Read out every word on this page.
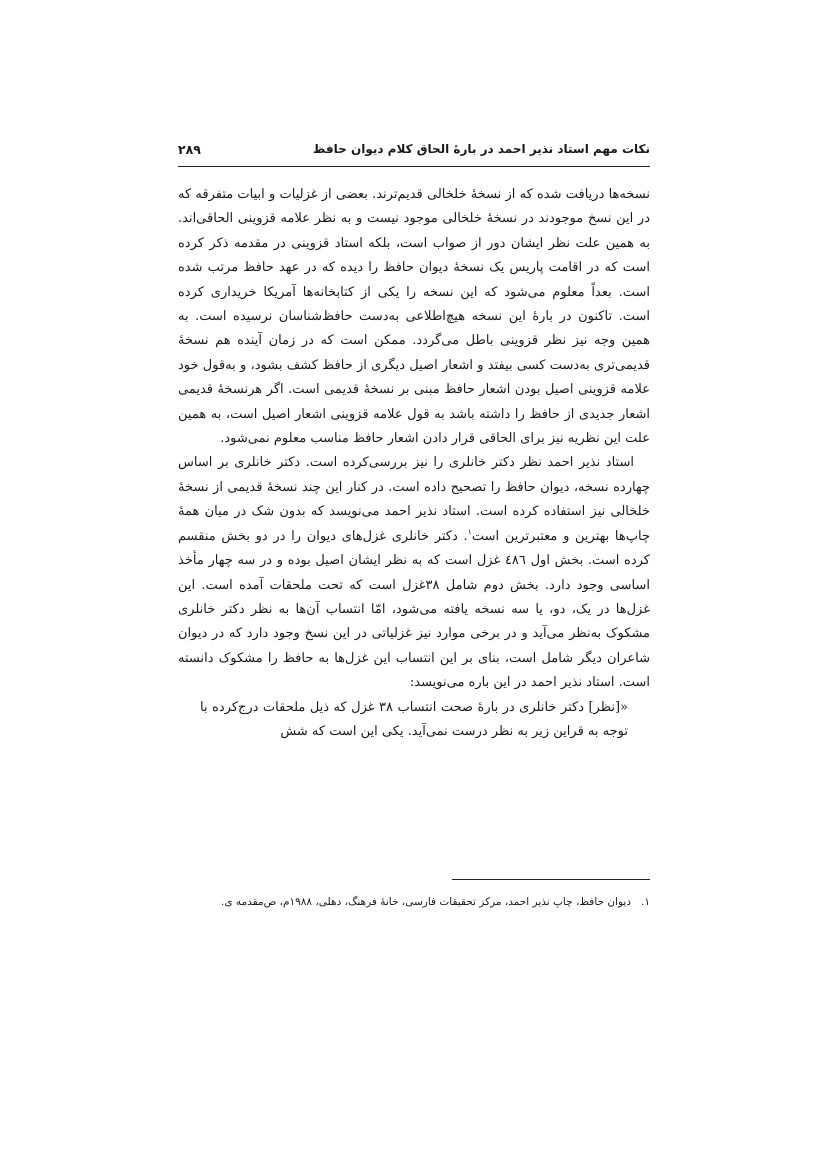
نکات مهم استاد نذیر احمد در بارهٔ الحاق کلام دیوان حافظ
۲۸۹

نسخه‌ها دریافت شده که از نسخهٔ خلخالی قدیم‌ترند. بعضی از غزلیات و ابیات متفرقه که در این نسخ موجودند در نسخهٔ خلخالی موجود نیست و به نظر علامه قزوینی الحاقی‌اند. به همین علت نظر ایشان دور از صواب است، بلکه استاد قزوینی در مقدمه ذکر کرده است که در اقامت پاریس یک نسخهٔ دیوان حافظ را دیده که در عهد حافظ مرتب شده است. بعداً معلوم می‌شود که این نسخه را یکی از کتابخانه‌ها آمریکا خریداری کرده است. تاکنون در بارهٔ این نسخه هیچ‌اطلاعی به‌دست حافظ‌شناسان نرسیده است. به همین وجه نیز نظر قزوینی باطل می‌گردد. ممکن است که در زمان آینده هم نسخهٔ قدیمی‌تری به‌دست کسی بیفتد و اشعار اصیل دیگری از حافظ کشف بشود، و به‌قول خود علامه قزوینی اصیل بودن اشعار حافظ مبنی بر نسخهٔ قدیمی است. اگر هرنسخهٔ قدیمی اشعار جدیدی از حافظ را داشته باشد به قول علامه قزوینی اشعار اصیل است، به همین علت این نظریه نیز برای الحاقی قرار دادن اشعار حافظ مناسب معلوم نمی‌شود.

استاد نذیر احمد نظر دکتر خانلری را نیز بررسی‌کرده است. دکتر خانلری بر اساس چهارده نسخه، دیوان حافظ را تصحیح داده است. در کنار این چند نسخهٔ قدیمی از نسخهٔ خلخالی نیز استفاده کرده است. استاد نذیر احمد می‌نویسد که بدون شک در میان همهٔ چاپ‌ها بهترین و معتبرترین است$^۱$. دکتر خانلری غزل‌های دیوان را در دو بخش منقسم کرده است. بخش اول ٤٨٦ غزل است که به نظر ایشان اصیل بوده و در سه چهار مأخذ اساسی وجود دارد. بخش دوم شامل ۳۸غزل است که تحت ملحقات آمده است. این غزل‌ها در یک، دو، یا سه نسخه یافته می‌شود، امّا انتساب آن‌ها به نظر دکتر خانلری مشکوک به‌نظر می‌آید و در برخی موارد نیز غزلیاتی در این نسخ وجود دارد که در دیوان شاعران دیگر شامل است، بنای بر این انتساب این غزل‌ها به حافظ را مشکوک دانسته است. استاد نذیر احمد در این باره می‌نویسد:

«[نظر] دکتر خانلری در بارهٔ صحت انتساب ۳۸ غزل که ذیل ملحقات درج‌کرده با توجه به قراین زیر به نظر درست نمی‌آید. یکی این است که شش

۱.دیوان حافظ، چاپ نذیر احمد، مرکز تحقیقات فارسی، خانهٔ فرهنگ، دهلی، ۱۹۸۸م، ص‌مقدمه ی.
